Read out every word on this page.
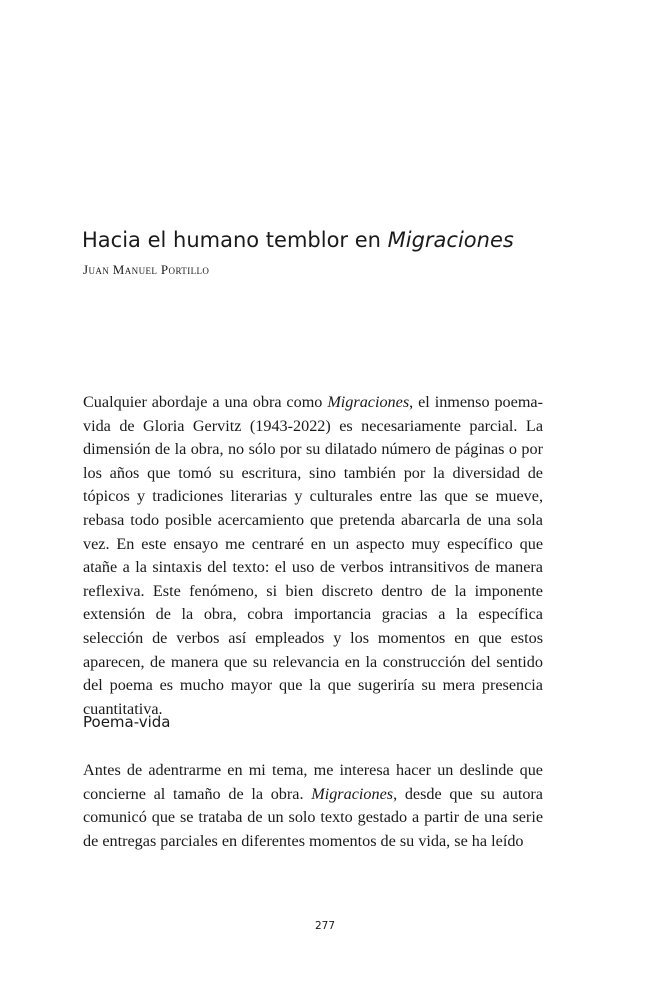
Hacia el humano temblor en Migraciones
Juan Manuel Portillo

Cualquier abordaje a una obra como Migraciones, el inmenso poema-vida de Gloria Gervitz (1943-2022) es necesariamente parcial. La dimensión de la obra, no sólo por su dilatado número de páginas o por los años que tomó su escritura, sino también por la diversidad de tópicos y tradiciones literarias y culturales entre las que se mueve, rebasa todo posible acercamiento que pretenda abarcarla de una sola vez. En este ensayo me centraré en un aspecto muy específico que atañe a la sintaxis del texto: el uso de verbos intransitivos de manera reflexiva. Este fenómeno, si bien discreto dentro de la imponente extensión de la obra, cobra importancia gracias a la específica selección de verbos así empleados y los momentos en que estos aparecen, de manera que su relevancia en la construcción del sentido del poema es mucho mayor que la que sugeriría su mera presencia cuantitativa.

Poema-vida

Antes de adentrarme en mi tema, me interesa hacer un deslinde que concierne al tamaño de la obra. Migraciones, desde que su autora comunicó que se trataba de un solo texto gestado a partir de una serie de entregas parciales en diferentes momentos de su vida, se ha leído

277
